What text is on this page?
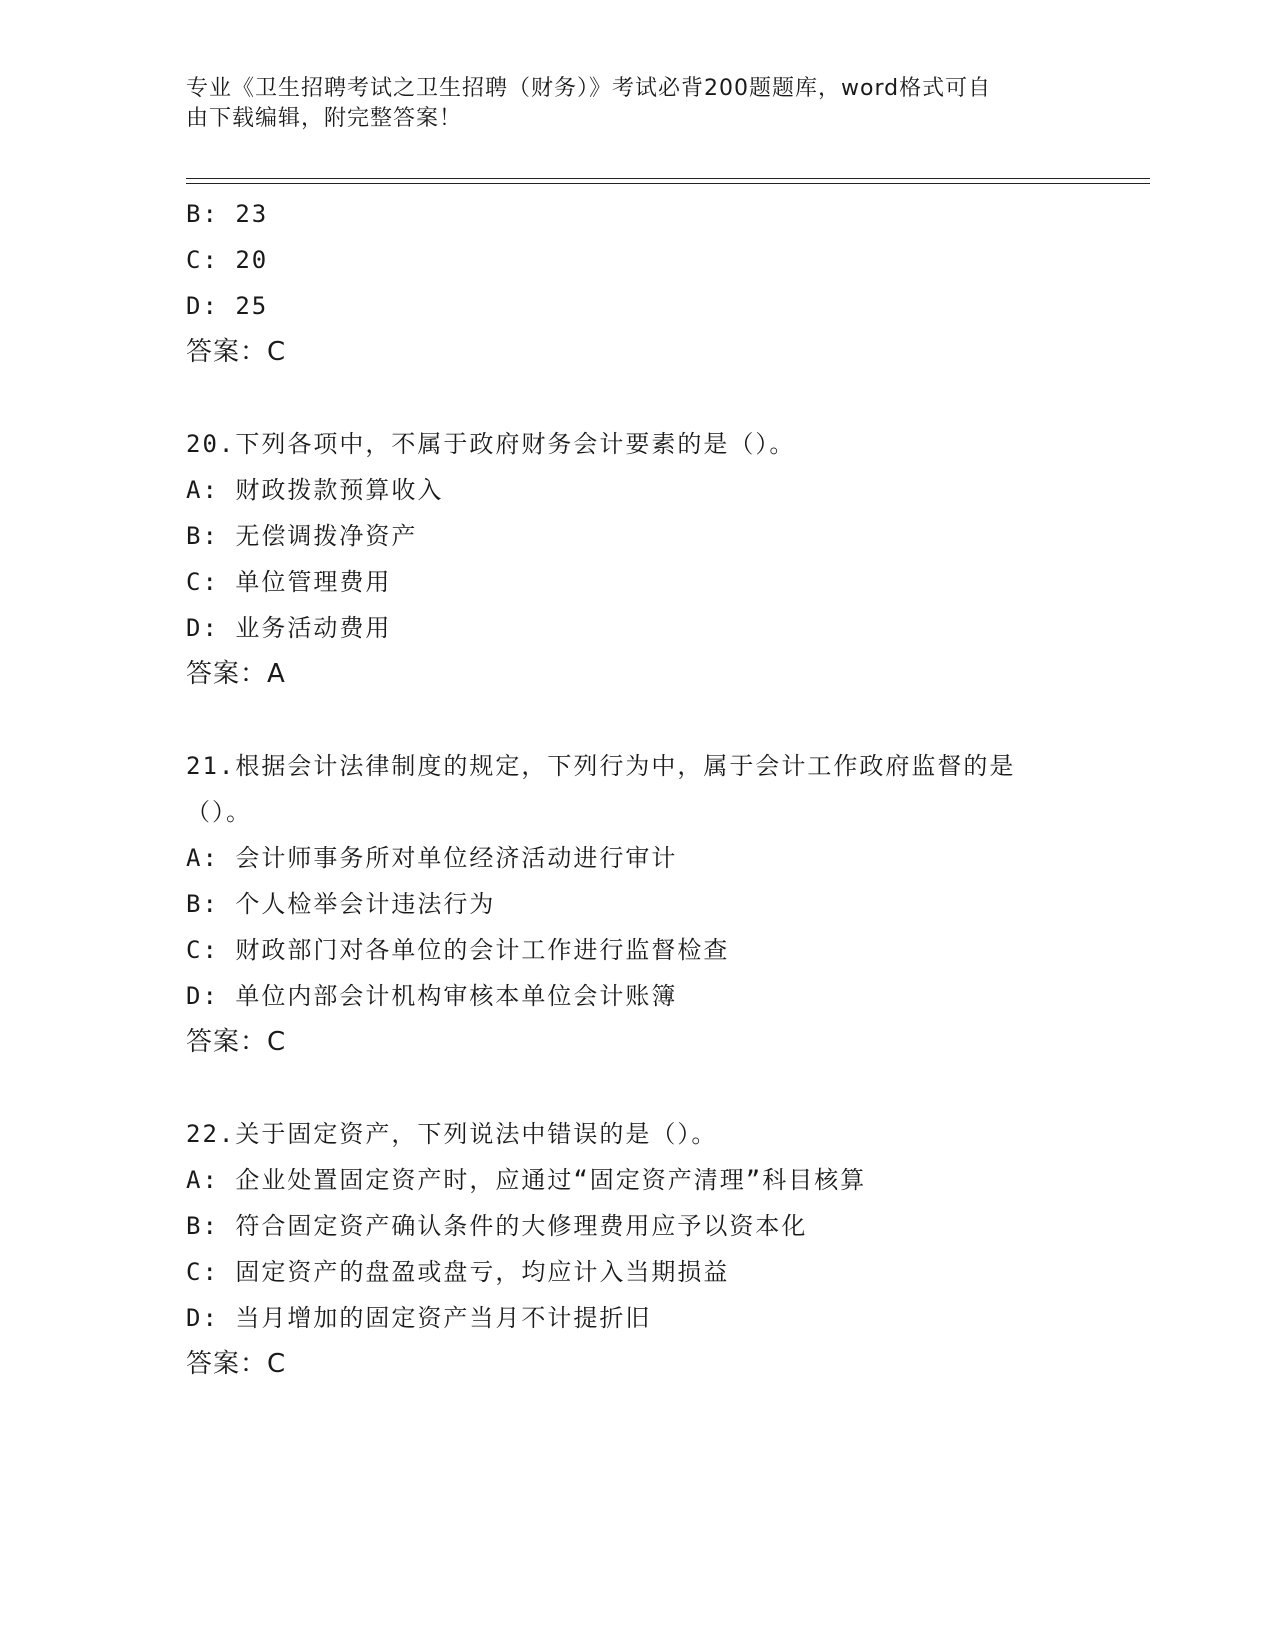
专业《卫生招聘考试之卫生招聘（财务）》考试必背200题题库，word格式可自
由下载编辑，附完整答案！
B: 23
C: 20
D: 25
答案：C
20.下列各项中，不属于政府财务会计要素的是（）。
A: 财政拨款预算收入
B: 无偿调拨净资产
C: 单位管理费用
D: 业务活动费用
答案：A
21.根据会计法律制度的规定，下列行为中，属于会计工作政府监督的是（）。
A: 会计师事务所对单位经济活动进行审计
B: 个人检举会计违法行为
C: 财政部门对各单位的会计工作进行监督检查
D: 单位内部会计机构审核本单位会计账簿
答案：C
22.关于固定资产，下列说法中错误的是（）。
A: 企业处置固定资产时，应通过“固定资产清理”科目核算
B: 符合固定资产确认条件的大修理费用应予以资本化
C: 固定资产的盘盈或盘亏，均应计入当期损益
D: 当月增加的固定资产当月不计提折旧
答案：C
